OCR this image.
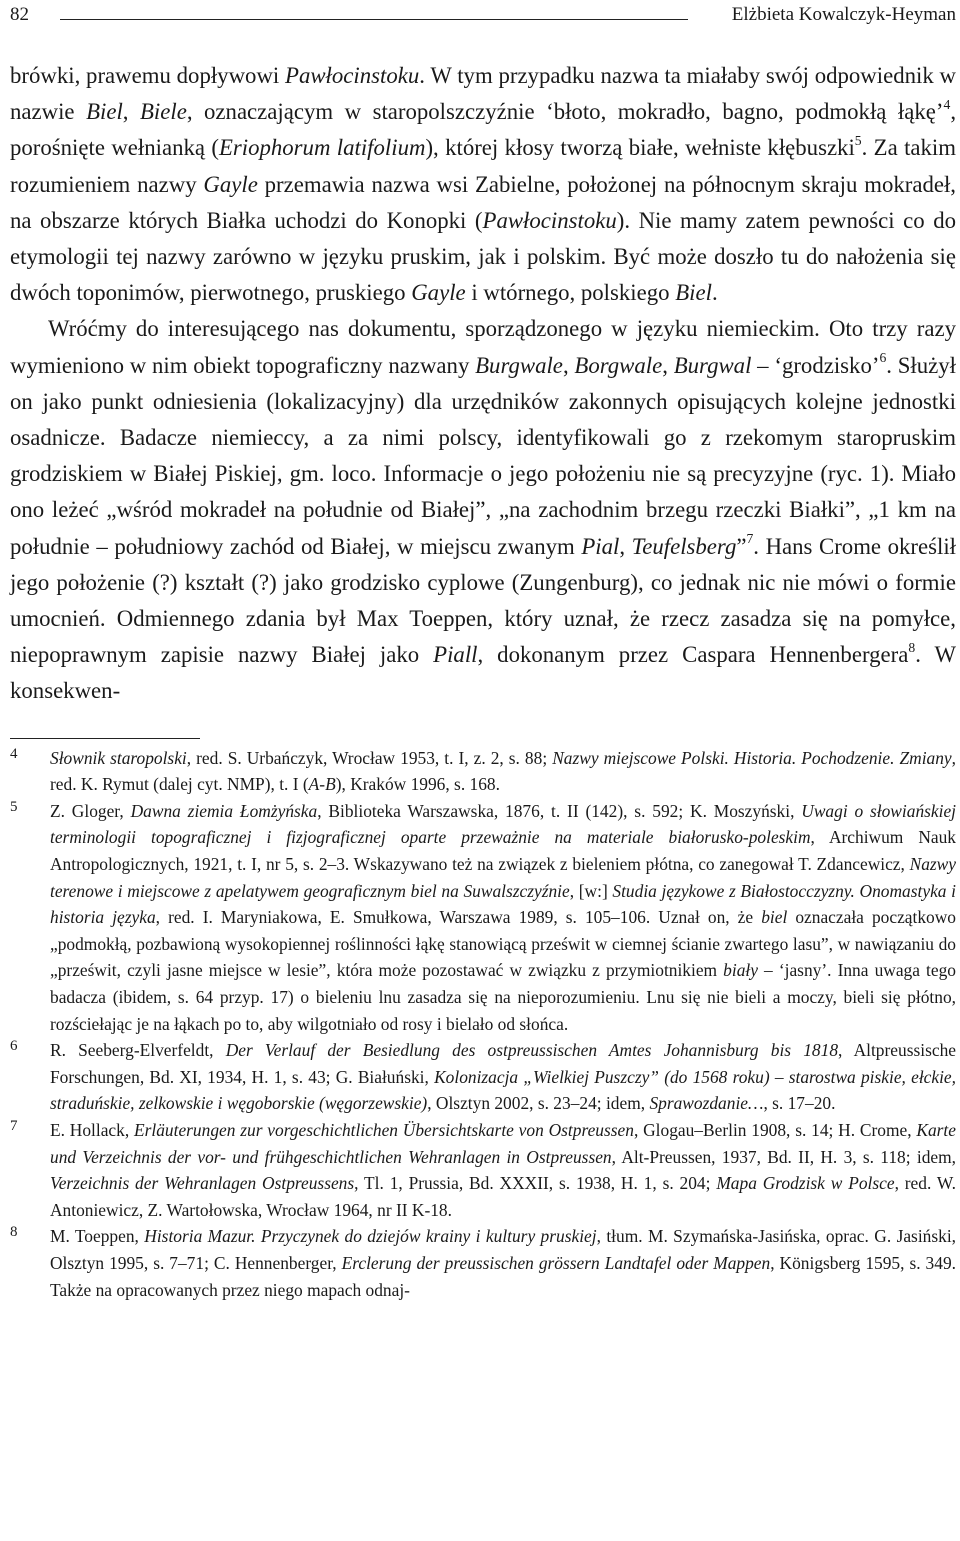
82	Elżbieta Kowalczyk-Heyman

brówki, prawemu dopływowi Pawłocinstoku. W tym przypadku nazwa ta miałaby swój odpowiednik w nazwie Biel, Biele, oznaczającym w staropolszczyźnie ‘błoto, mokradło, bagno, podmokłą łąkę’$^4$, porośnięte wełnianką (Eriophorum latifolium), której kłosy tworzą białe, wełniste kłębuszki$^5$. Za takim rozumieniem nazwy Gayle przemawia nazwa wsi Zabielne, położonej na północnym skraju mokradeł, na obszarze których Białka uchodzi do Konopki (Pawłocinstoku). Nie mamy zatem pewności co do etymologii tej nazwy zarówno w języku pruskim, jak i polskim. Być może doszło tu do nałożenia się dwóch toponimów, pierwotnego, pruskiego Gayle i wtórnego, polskiego Biel.

Wróćmy do interesującego nas dokumentu, sporządzonego w języku niemieckim. Oto trzy razy wymieniono w nim obiekt topograficzny nazwany Burgwale, Borgwale, Burgwal – ‘grodzisko’$^6$. Służył on jako punkt odniesienia (lokalizacyjny) dla urzędników zakonnych opisujących kolejne jednostki osadnicze. Badacze niemieccy, a za nimi polscy, identyfikowali go z rzekomym staropruskim grodziskiem w Białej Piskiej, gm. loco. Informacje o jego położeniu nie są precyzyjne (ryc. 1). Miało ono leżeć „wśród mokradeł na południe od Białej”, „na zachodnim brzegu rzeczki Białki”, „1 km na południe – południowy zachód od Białej, w miejscu zwanym Pial, Teufelsberg”$^7$. Hans Crome określił jego położenie (?) kształt (?) jako grodzisko cyplowe (Zungenburg), co jednak nic nie mówi o formie umocnień. Odmiennego zdania był Max Toeppen, który uznał, że rzecz zasadza się na pomyłce, niepoprawnym zapisie nazwy Białej jako Piall, dokonanym przez Caspara Hennenbergera$^8$. W konsekwen-

4 Słownik staropolski, red. S. Urbańczyk, Wrocław 1953, t. I, z. 2, s. 88; Nazwy miejscowe Polski. Historia. Pochodzenie. Zmiany, red. K. Rymut (dalej cyt. NMP), t. I (A-B), Kraków 1996, s. 168.
5 Z. Gloger, Dawna ziemia Łomżyńska, Biblioteka Warszawska, 1876, t. II (142), s. 592; K. Moszyński, Uwagi o słowiańskiej terminologii topograficznej i fizjograficznej oparte przeważnie na materiale białorusko-poleskim, Archiwum Nauk Antropologicznych, 1921, t. I, nr 5, s. 2–3. Wskazywano też na związek z bieleniem płótna, co zanegował T. Zdancewicz, Nazwy terenowe i miejscowe z apelatywem geograficznym biel na Suwalszczyźnie, [w:] Studia językowe z Białostocczyzny. Onomastyka i historia języka, red. I. Maryniakowa, E. Smułkowa, Warszawa 1989, s. 105–106. Uznał on, że biel oznaczała początkowo „podmokłą, pozbawioną wysokopiennej roślinności łąkę stanowiącą prześwit w ciemnej ścianie zwartego lasu”, w nawiązaniu do „prześwit, czyli jasne miejsce w lesie”, która może pozostawać w związku z przymiotnikiem biały – ‘jasny’. Inna uwaga tego badacza (ibidem, s. 64 przyp. 17) o bieleniu lnu zasadza się na nieporozumieniu. Lnu się nie bieli a moczy, bieli się płótno, rozściełając je na łąkach po to, aby wilgotniało od rosy i bielało od słońca.
6 R. Seeberg-Elverfeldt, Der Verlauf der Besiedlung des ostpreussischen Amtes Johannisburg bis 1818, Altpreussische Forschungen, Bd. XI, 1934, H. 1, s. 43; G. Białuński, Kolonizacja „Wielkiej Puszczy” (do 1568 roku) – starostwa piskie, ełckie, straduńskie, zelkowskie i węgoborskie (węgorzewskie), Olsztyn 2002, s. 23–24; idem, Sprawozdanie…, s. 17–20.
7 E. Hollack, Erläuterungen zur vorgeschichtlichen Übersichtskarte von Ostpreussen, Glogau–Berlin 1908, s. 14; H. Crome, Karte und Verzeichnis der vor- und frühgeschichtlichen Wehranlagen in Ostpreussen, Alt-Preussen, 1937, Bd. II, H. 3, s. 118; idem, Verzeichnis der Wehranlagen Ostpreussens, Tl. 1, Prussia, Bd. XXXII, s. 1938, H. 1, s. 204; Mapa Grodzisk w Polsce, red. W. Antoniewicz, Z. Wartołowska, Wrocław 1964, nr II K-18.
8 M. Toeppen, Historia Mazur. Przyczynek do dziejów krainy i kultury pruskiej, tłum. M. Szymańska-Jasińska, oprac. G. Jasiński, Olsztyn 1995, s. 7–71; C. Hennenberger, Erclerung der preussischen grössern Landtafel oder Mappen, Königsberg 1595, s. 349. Także na opracowanych przez niego mapach odnaj-
